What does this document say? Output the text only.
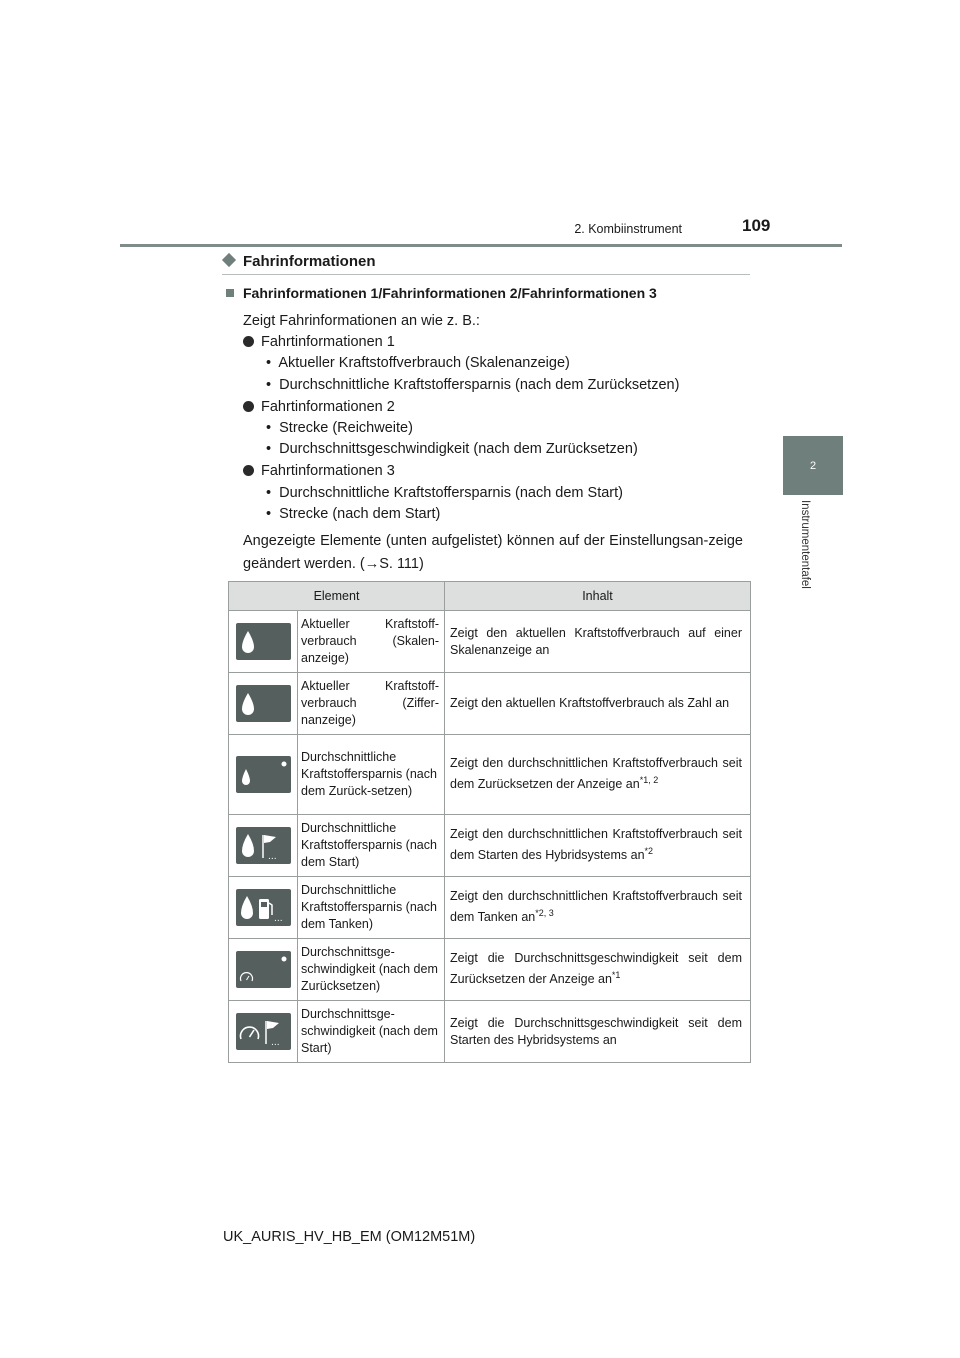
2. Kombiinstrument	109
2
Instrumententafel
Fahrinformationen
Fahrinformationen 1/Fahrinformationen 2/Fahrinformationen 3
Zeigt Fahrinformationen an wie z. B.:
Fahrtinformationen 1
•  Aktueller Kraftstoffverbrauch (Skalenanzeige)
•  Durchschnittliche Kraftstoffersparnis (nach dem Zurücksetzen)
Fahrtinformationen 2
•  Strecke (Reichweite)
•  Durchschnittsgeschwindigkeit (nach dem Zurücksetzen)
Fahrtinformationen 3
•  Durchschnittliche Kraftstoffersparnis (nach dem Start)
•  Strecke (nach dem Start)
Angezeigte Elemente (unten aufgelistet) können auf der Einstellungsan-zeige geändert werden. (→S. 111)
Element		Inhalt

	Aktueller Kraftstoff-verbrauch (Skalen-anzeige)	Zeigt den aktuellen Kraftstoffverbrauch auf einer Skalenanzeige an

	Aktueller Kraftstoff-verbrauch (Ziffer-nanzeige)	Zeigt den aktuellen Kraftstoffverbrauch als Zahl an

	Durchschnittliche Kraftstoffersparnis (nach dem Zurück-setzen)	Zeigt den durchschnittlichen Kraftstoffverbrauch seit dem Zurücksetzen der Anzeige an$^{*1, 2}$

...	Durchschnittliche Kraftstoffersparnis (nach dem Start)	Zeigt den durchschnittlichen Kraftstoffverbrauch seit dem Starten des Hybridsystems $an^{*2}$

...	Durchschnittliche Kraftstoffersparnis (nach dem Tanken)	Zeigt den durchschnittlichen Kraftstoffverbrauch seit dem Tanken an$^{*2, 3}$

	Durchschnittsge-schwindigkeit (nach dem Zurücksetzen)	Zeigt die Durchschnittsgeschwindigkeit seit dem Zurücksetzen der Anzeige $an^{*1}$

...	Durchschnittsge-schwindigkeit (nach dem Start)	Zeigt die Durchschnittsgeschwindigkeit seit dem Starten des Hybridsystems an
UK_AURIS_HV_HB_EM (OM12M51M)
